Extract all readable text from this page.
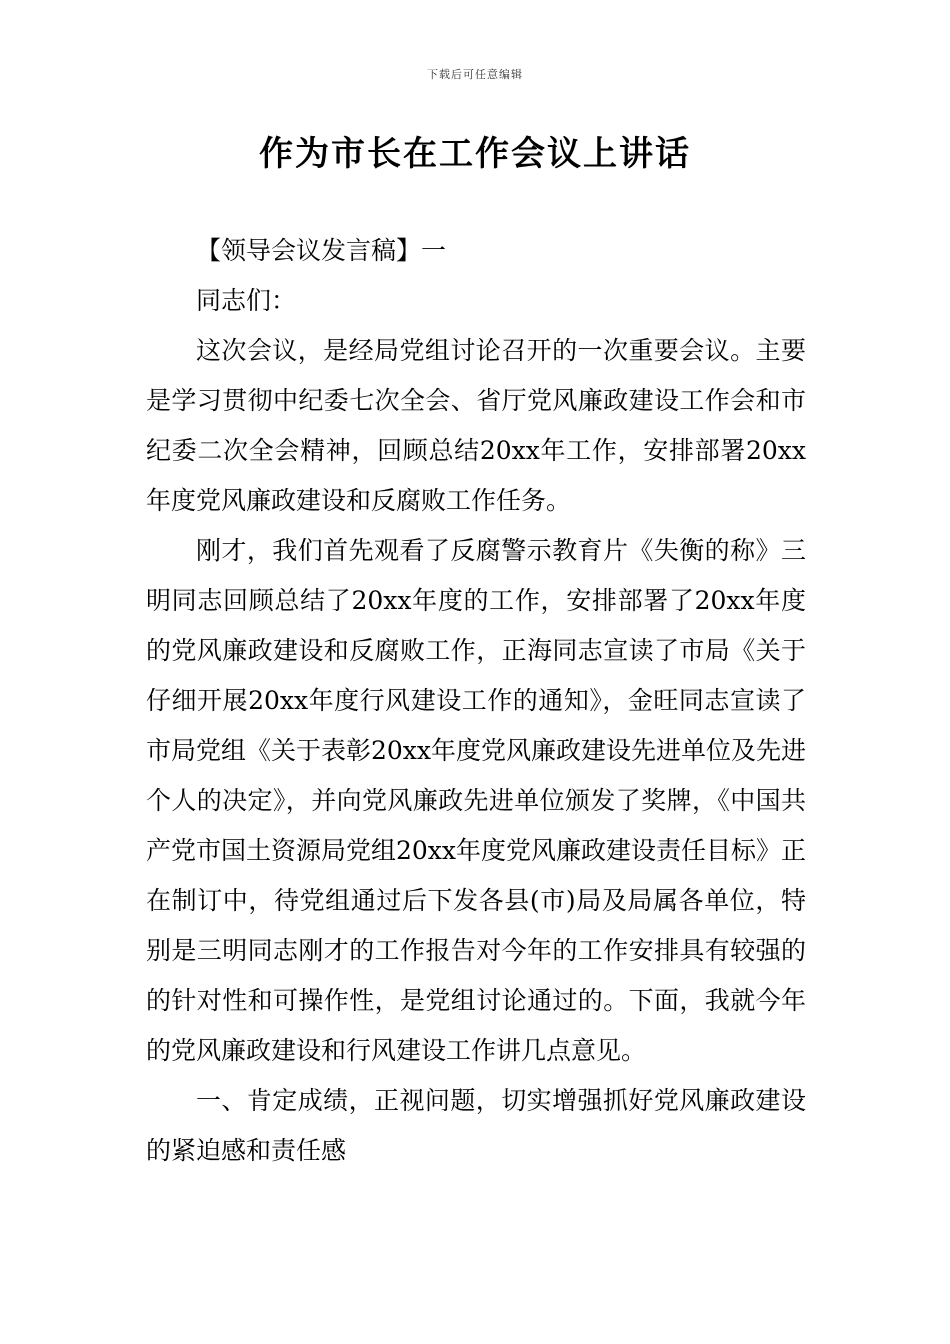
下载后可任意编辑
作为市长在工作会议上讲话

【领导会议发言稿】一

同志们：

这次会议，是经局党组讨论召开的一次重要会议。主要是学习贯彻中纪委七次全会、省厅党风廉政建设工作会和市纪委二次全会精神，回顾总结20xx年工作，安排部署20xx年度党风廉政建设和反腐败工作任务。

刚才，我们首先观看了反腐警示教育片《失衡的称》三明同志回顾总结了20xx年度的工作，安排部署了20xx年度的党风廉政建设和反腐败工作，正海同志宣读了市局《关于仔细开展20xx年度行风建设工作的通知》，金旺同志宣读了市局党组《关于表彰20xx年度党风廉政建设先进单位及先进个人的决定》，并向党风廉政先进单位颁发了奖牌，《中国共产党市国土资源局党组20xx年度党风廉政建设责任目标》正在制订中，待党组通过后下发各县(市)局及局属各单位，特别是三明同志刚才的工作报告对今年的工作安排具有较强的的针对性和可操作性，是党组讨论通过的。下面，我就今年的党风廉政建设和行风建设工作讲几点意见。

一、肯定成绩，正视问题，切实增强抓好党风廉政建设的紧迫感和责任感
